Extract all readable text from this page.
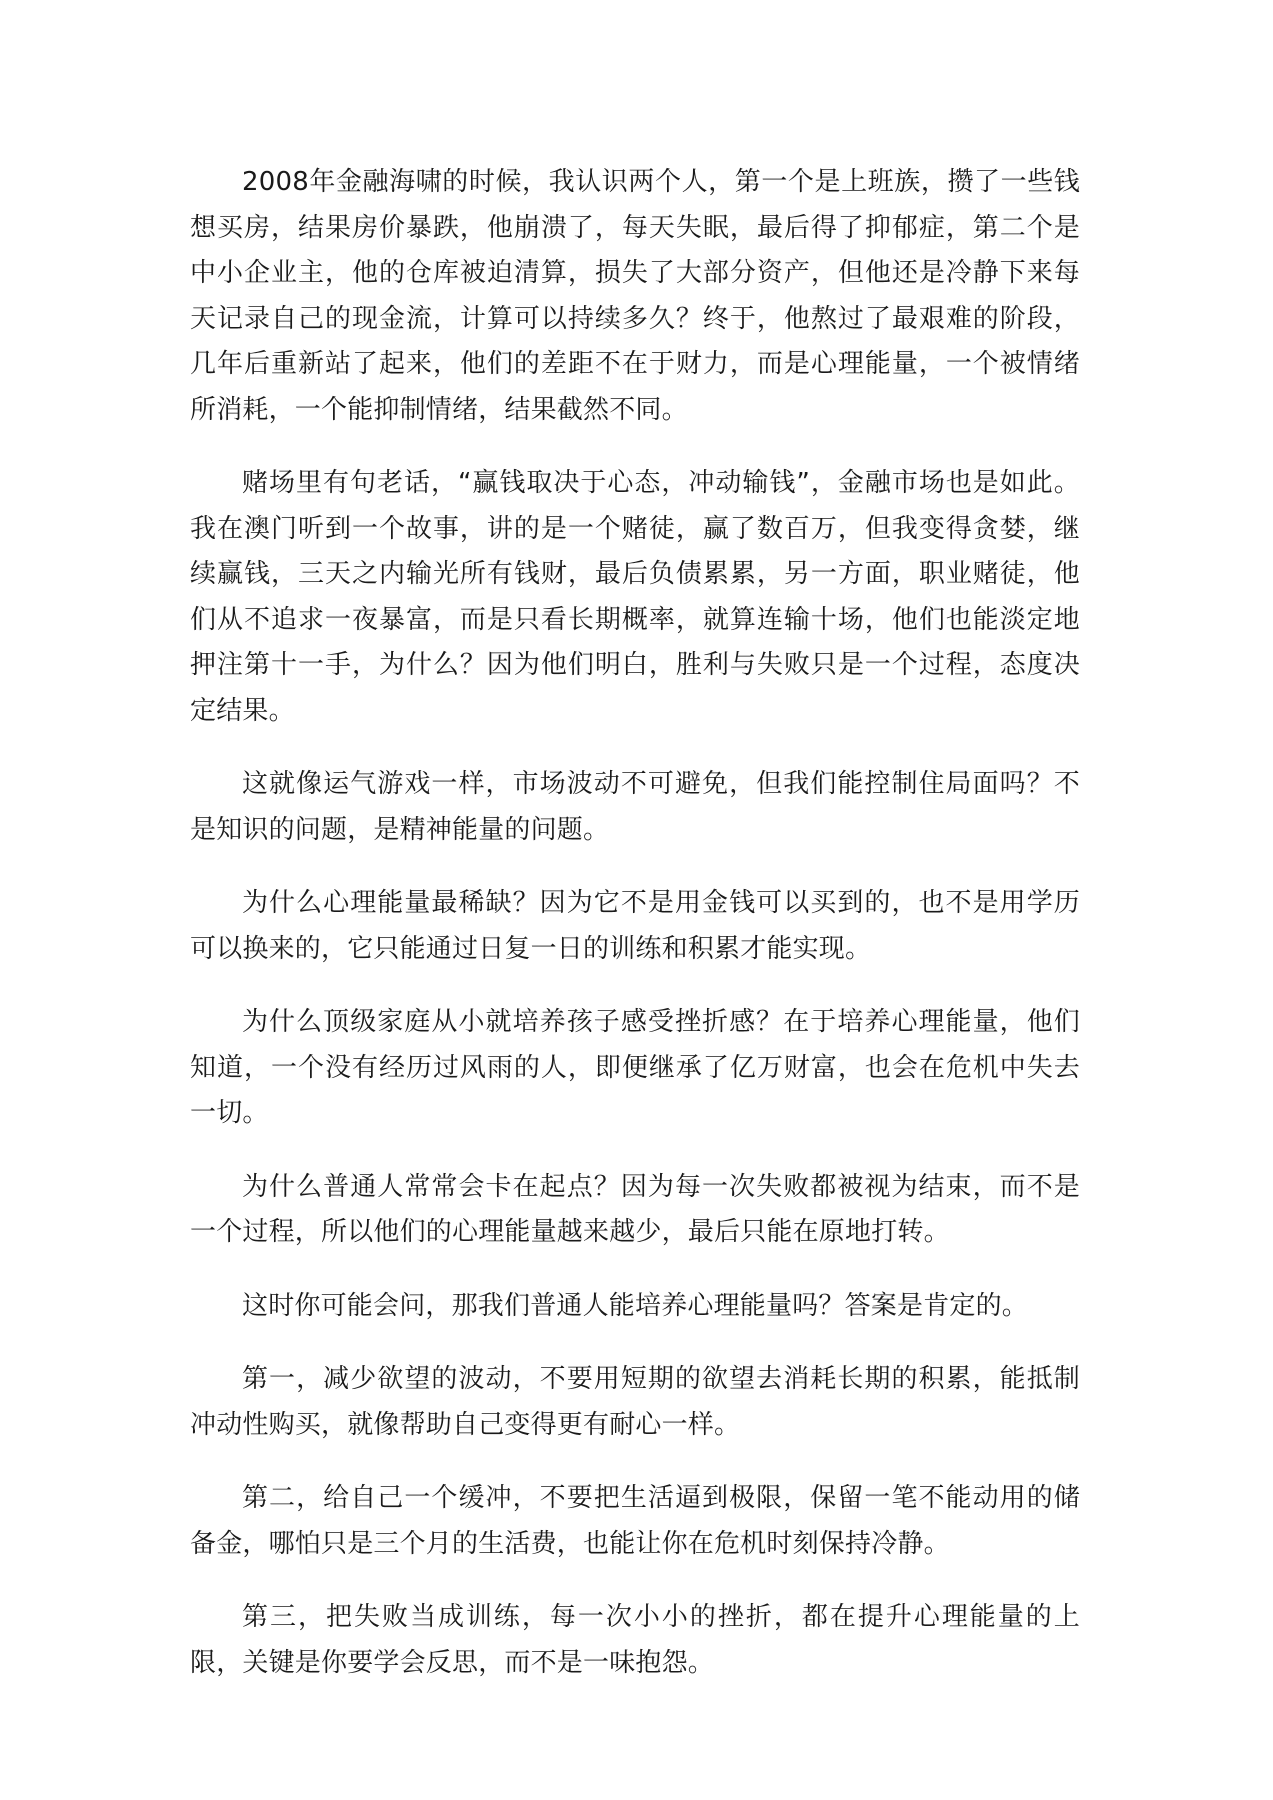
2008年金融海啸的时候，我认识两个人，第一个是上班族，攒了一些钱想买房，结果房价暴跌，他崩溃了，每天失眠，最后得了抑郁症，第二个是中小企业主，他的仓库被迫清算，损失了大部分资产，但他还是冷静下来每天记录自己的现金流，计算可以持续多久？终于，他熬过了最艰难的阶段，几年后重新站了起来，他们的差距不在于财力，而是心理能量，一个被情绪所消耗，一个能抑制情绪，结果截然不同。

赌场里有句老话，“赢钱取决于心态，冲动输钱”，金融市场也是如此。我在澳门听到一个故事，讲的是一个赌徒，赢了数百万，但我变得贪婪，继续赢钱，三天之内输光所有钱财，最后负债累累，另一方面，职业赌徒，他们从不追求一夜暴富，而是只看长期概率，就算连输十场，他们也能淡定地押注第十一手，为什么？因为他们明白，胜利与失败只是一个过程，态度决定结果。

这就像运气游戏一样，市场波动不可避免，但我们能控制住局面吗？不是知识的问题，是精神能量的问题。

为什么心理能量最稀缺？因为它不是用金钱可以买到的，也不是用学历可以换来的，它只能通过日复一日的训练和积累才能实现。

为什么顶级家庭从小就培养孩子感受挫折感？在于培养心理能量，他们知道，一个没有经历过风雨的人，即便继承了亿万财富，也会在危机中失去一切。

为什么普通人常常会卡在起点？因为每一次失败都被视为结束，而不是一个过程，所以他们的心理能量越来越少，最后只能在原地打转。

这时你可能会问，那我们普通人能培养心理能量吗？答案是肯定的。

第一，减少欲望的波动，不要用短期的欲望去消耗长期的积累，能抵制冲动性购买，就像帮助自己变得更有耐心一样。

第二，给自己一个缓冲，不要把生活逼到极限，保留一笔不能动用的储备金，哪怕只是三个月的生活费，也能让你在危机时刻保持冷静。

第三，把失败当成训练，每一次小小的挫折，都在提升心理能量的上限，关键是你要学会反思，而不是一味抱怨。
